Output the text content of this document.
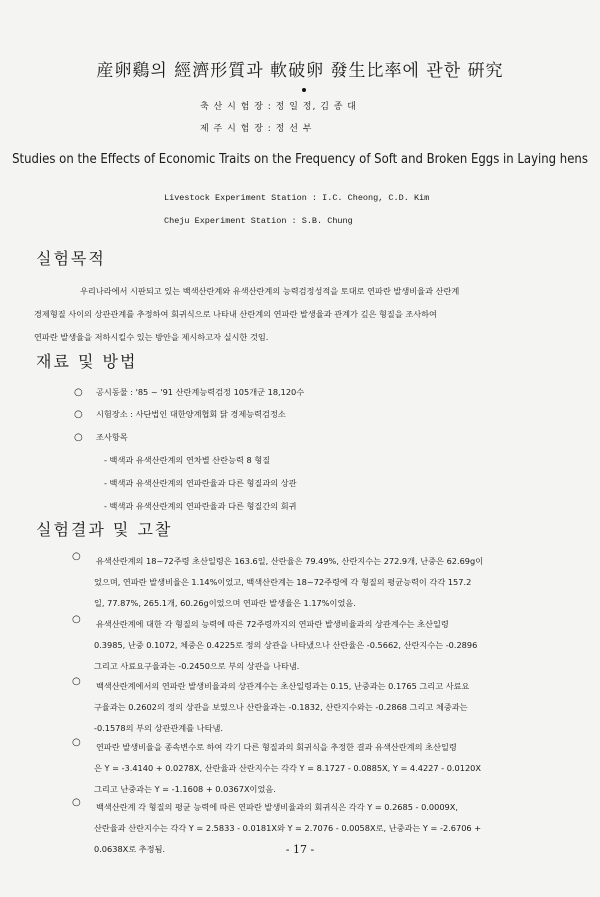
産卵鷄의 經濟形質과 軟破卵 發生比率에 관한 硏究
축 산 시 험 장 : 정 일 정, 김 종 대
제 주 시 험 장 : 정 선 부
Studies on the Effects of Economic Traits on the Frequency of Soft and Broken Eggs in Laying hens
Livestock Experiment Station : I.C. Cheong, C.D. Kim
Cheju Experiment Station : S.B. Chung
실험목적

우리나라에서 시판되고 있는 백색산란계와 유색산란계의 능력검정성적을 토대로 연파란 발생비율과 산란계

경제형질 사이의 상관관계를 추정하여 회귀식으로 나타내 산란계의 연파란 발생율과 관계가 깊은 형질을 조사하여

연파란 발생율을 저하시킬수 있는 방안을 제시하고자 실시한 것임.

재료 및 방법
○ 공시동물 : '85 ~ '91 산란계능력검정 105개군 18,120수
○ 시험장소 : 사단법인 대한양계협회 닭 경제능력검정소
○ 조사항목
- 백색과 유색산란계의 연차별 산란능력 8 형질
- 백색과 유색산란계의 연파란율과 다른 형질과의 상관
- 백색과 유색산란계의 연파란율과 다른 형질간의 회귀
실험결과 및 고찰
○ 유색산란계의 18~72주령 초산일령은 163.6일, 산란율은 79.49%, 산란지수는 272.9개, 난중은 62.69g이
었으며, 연파란 발생비율은 1.14%이었고, 백색산란계는 18~72주령에 각 형질의 평균능력이 각각 157.2
일, 77.87%, 265.1개, 60.26g이었으며 연파란 발생율은 1.17%이었음.
○ 유색산란계에 대한 각 형질의 능력에 따른 72주령까지의 연파란 발생비율과의 상관계수는 초산일령
0.3985, 난중 0.1072, 체중은 0.4225로 정의 상관을 나타냈으나 산란율은 -0.5662, 산란지수는 -0.2896
그리고 사료요구율과는 -0.2450으로 부의 상관을 나타냄.
○ 백색산란계에서의 연파란 발생비율과의 상관계수는 초산일령과는 0.15, 난중과는 0.1765 그리고 사료요
구율과는 0.2602의 정의 상관을 보였으나 산란율과는 -0.1832, 산란지수와는 -0.2868 그리고 체중과는
-0.1578의 부의 상관관계를 나타냄.
○ 연파란 발생비율을 종속변수로 하여 각기 다른 형질과의 회귀식을 추정한 결과 유색산란계의 초산일령
은 Y = -3.4140 + 0.0278X, 산란율과 산란지수는 각각 Y = 8.1727 - 0.0885X, Y = 4.4227 - 0.0120X
그리고 난중과는 Y = -1.1608 + 0.0367X이었음.
○ 백색산란계 각 형질의 평균 능력에 따른 연파란 발생비율과의 회귀식은 각각 Y = 0.2685 - 0.0009X,
산란율과 산란지수는 각각 Y = 2.5833 - 0.0181X와 Y = 2.7076 - 0.0058X로, 난중과는 Y = -2.6706 +
0.0638X로 추정됨.	- 17 -
